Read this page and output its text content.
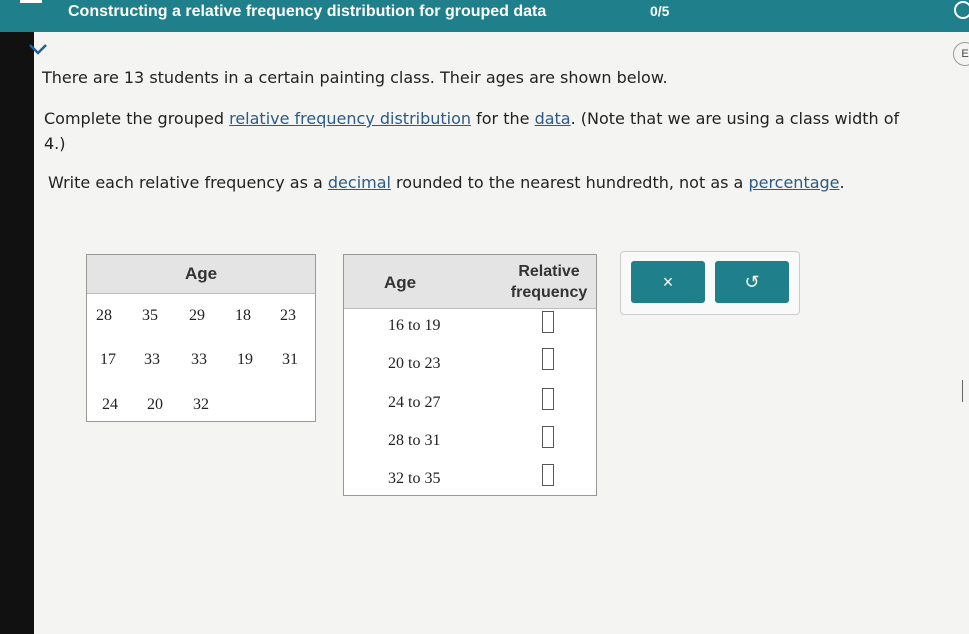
Constructing a relative frequency distribution for grouped data	0/5
E
There are 13 students in a certain painting class. Their ages are shown below.
Complete the grouped relative frequency distribution for the data. (Note that we are using a class width of
4.)
Write each relative frequency as a decimal rounded to the nearest hundredth, not as a percentage.
Age
28	35	29	18	23
17	33	33	19	31
24	20	32
Age
Relative
frequency
16 to 19
20 to 23
24 to 27
28 to 31
32 to 35
×	↺
